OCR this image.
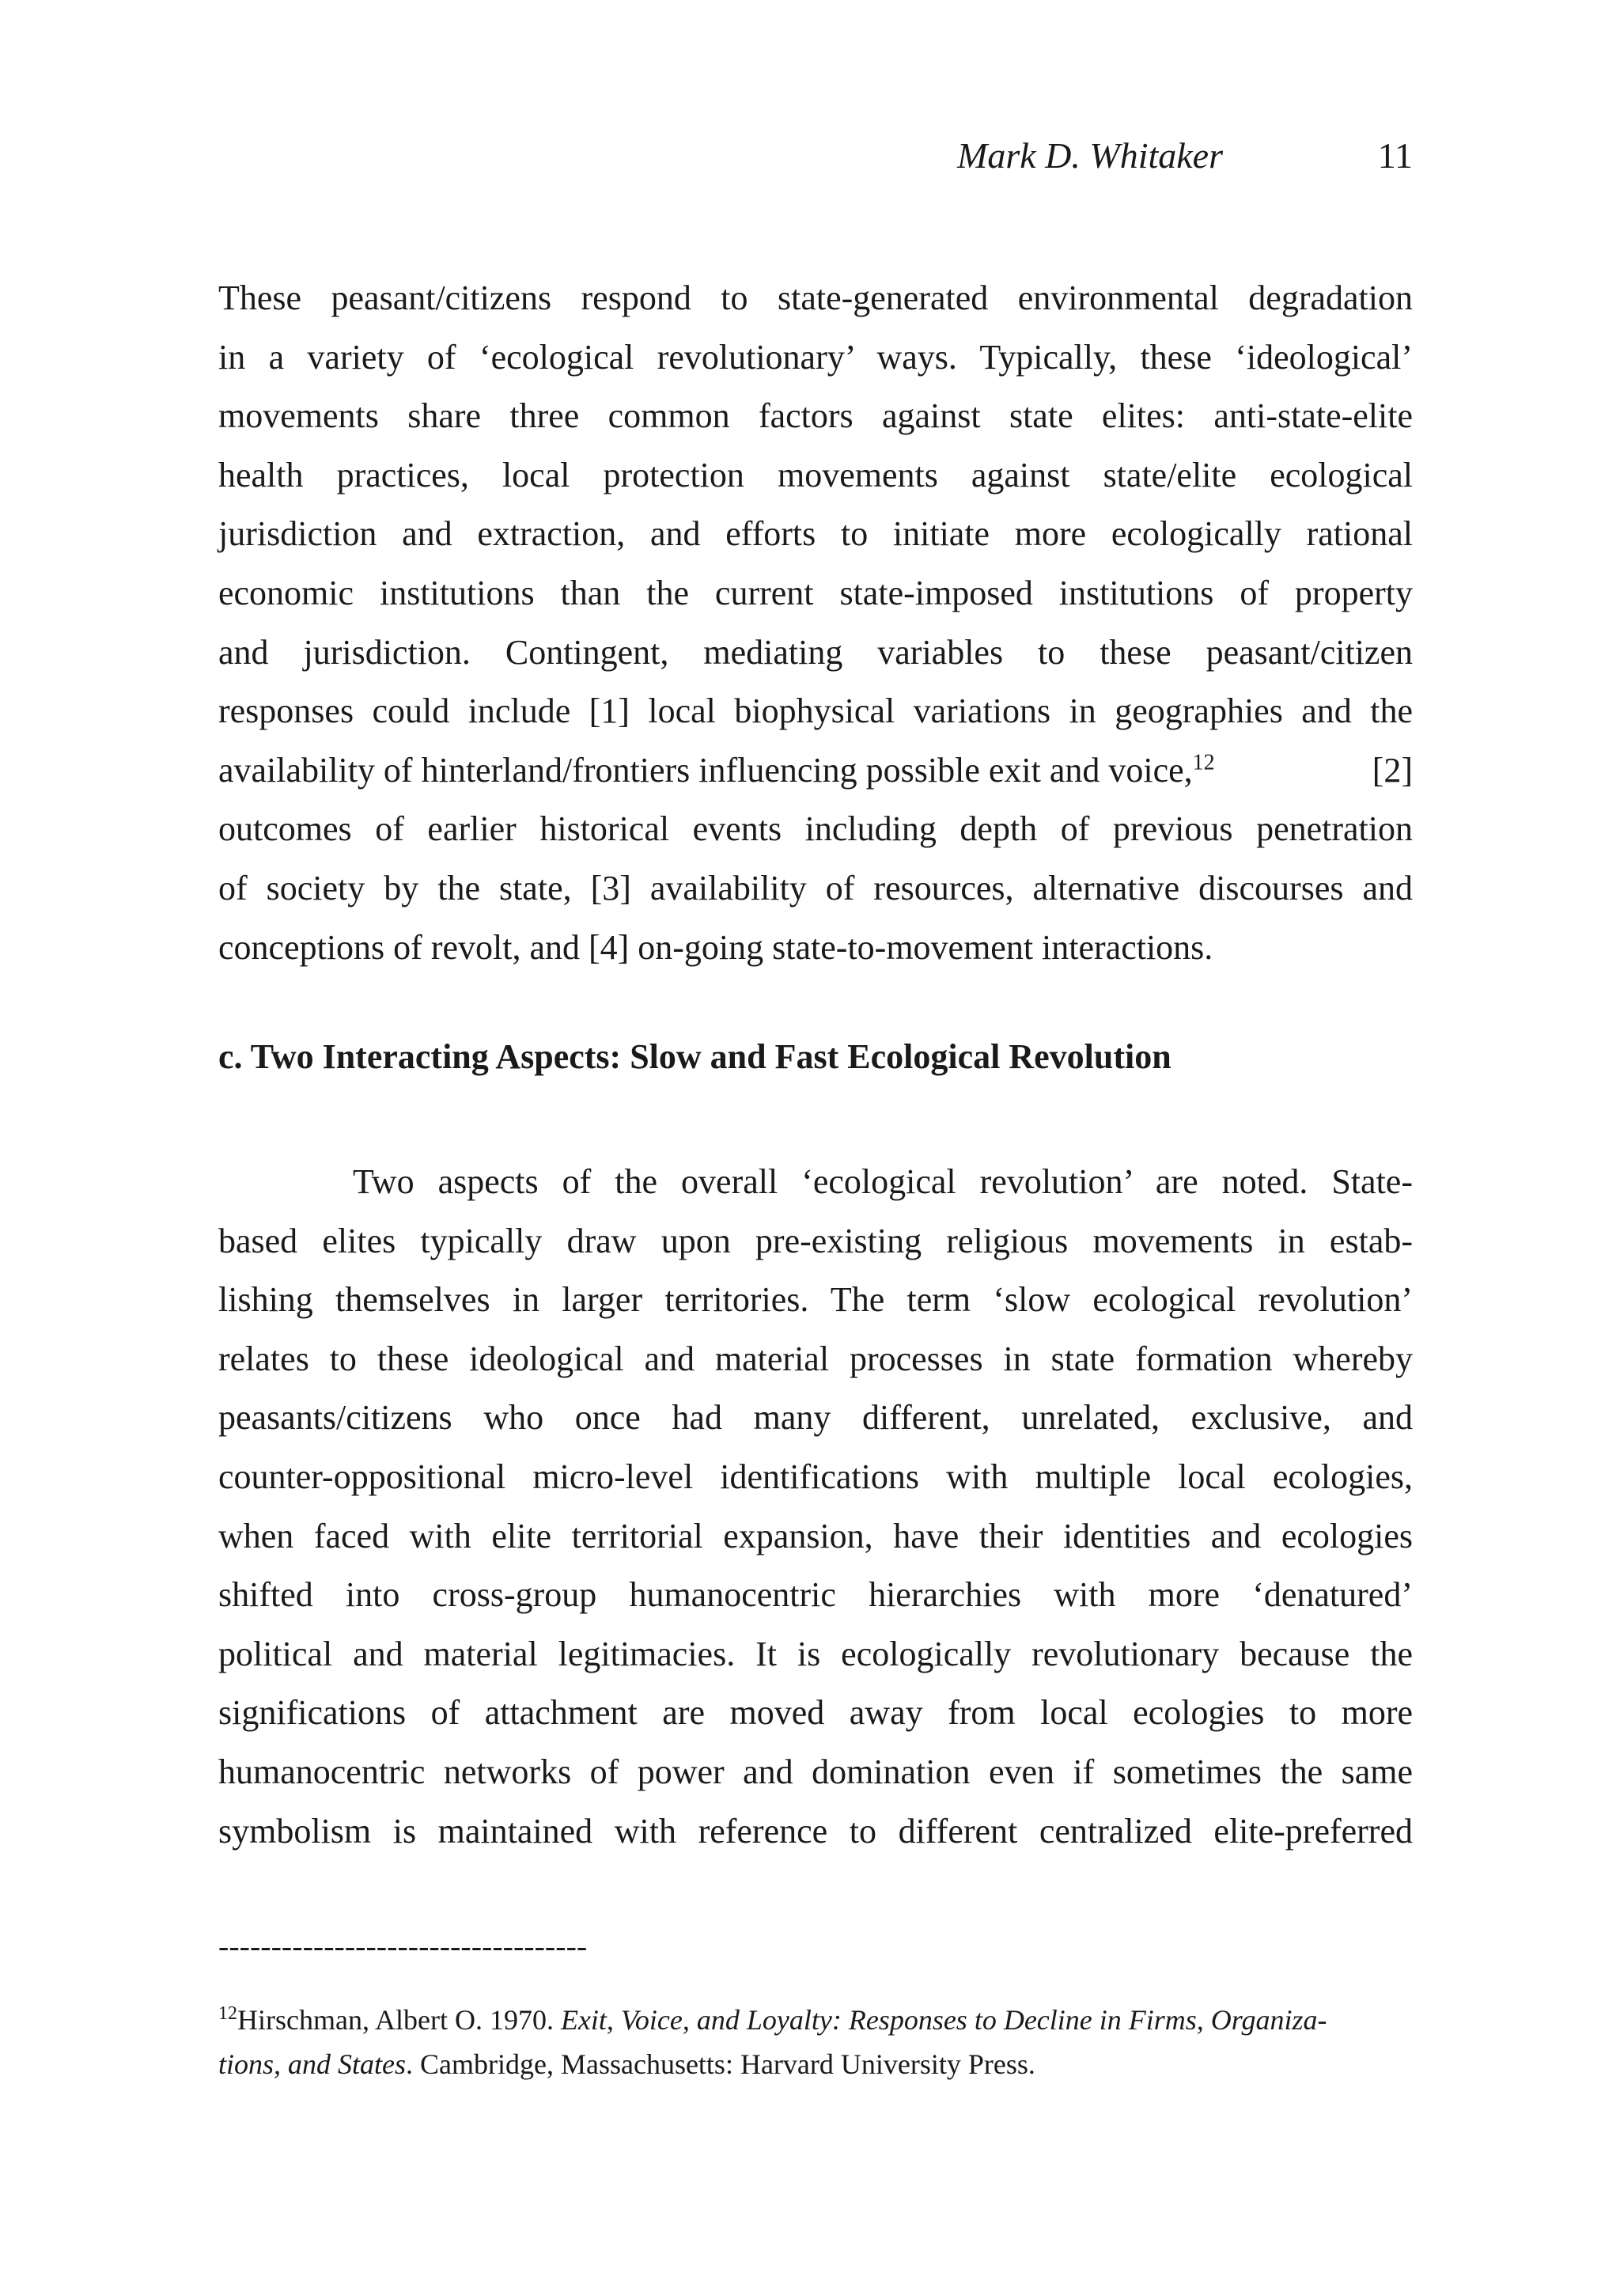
Mark D. Whitaker	11
These peasant/citizens respond to state-generated environmental degradation
in a variety of ‘ecological revolutionary’ ways. Typically, these ‘ideological’
movements share three common factors against state elites: anti-state-elite
health practices, local protection movements against state/elite ecological
jurisdiction and extraction, and efforts to initiate more ecologically rational
economic institutions than the current state-imposed institutions of property
and jurisdiction. Contingent, mediating variables to these peasant/citizen
responses could include [1] local biophysical variations in geographies and the
availability of hinterland/frontiers influencing possible exit and voice,$^{12}$	[2]
outcomes of earlier historical events including depth of previous penetration
of society by the state, [3] availability of resources, alternative discourses and
conceptions of revolt, and [4] on-going state-to-movement interactions.
c. Two Interacting Aspects: Slow and Fast Ecological Revolution
Two aspects of the overall ‘ecological revolution’ are noted. State-
based elites typically draw upon pre-existing religious movements in estab-
lishing themselves in larger territories. The term ‘slow ecological revolution’
relates to these ideological and material processes in state formation whereby
peasants/citizens who once had many different, unrelated, exclusive, and
counter-oppositional micro-level identifications with multiple local ecologies,
when faced with elite territorial expansion, have their identities and ecologies
shifted into cross-group humanocentric hierarchies with more ‘denatured’
political and material legitimacies. It is ecologically revolutionary because the
significations of attachment are moved away from local ecologies to more
humanocentric networks of power and domination even if sometimes the same
symbolism is maintained with reference to different centralized elite-preferred
-----------------------------------
$^{12}$Hirschman, Albert O. 1970. Exit, Voice, and Loyalty: Responses to Decline in Firms, Organiza-
tions, and States. Cambridge, Massachusetts: Harvard University Press.
